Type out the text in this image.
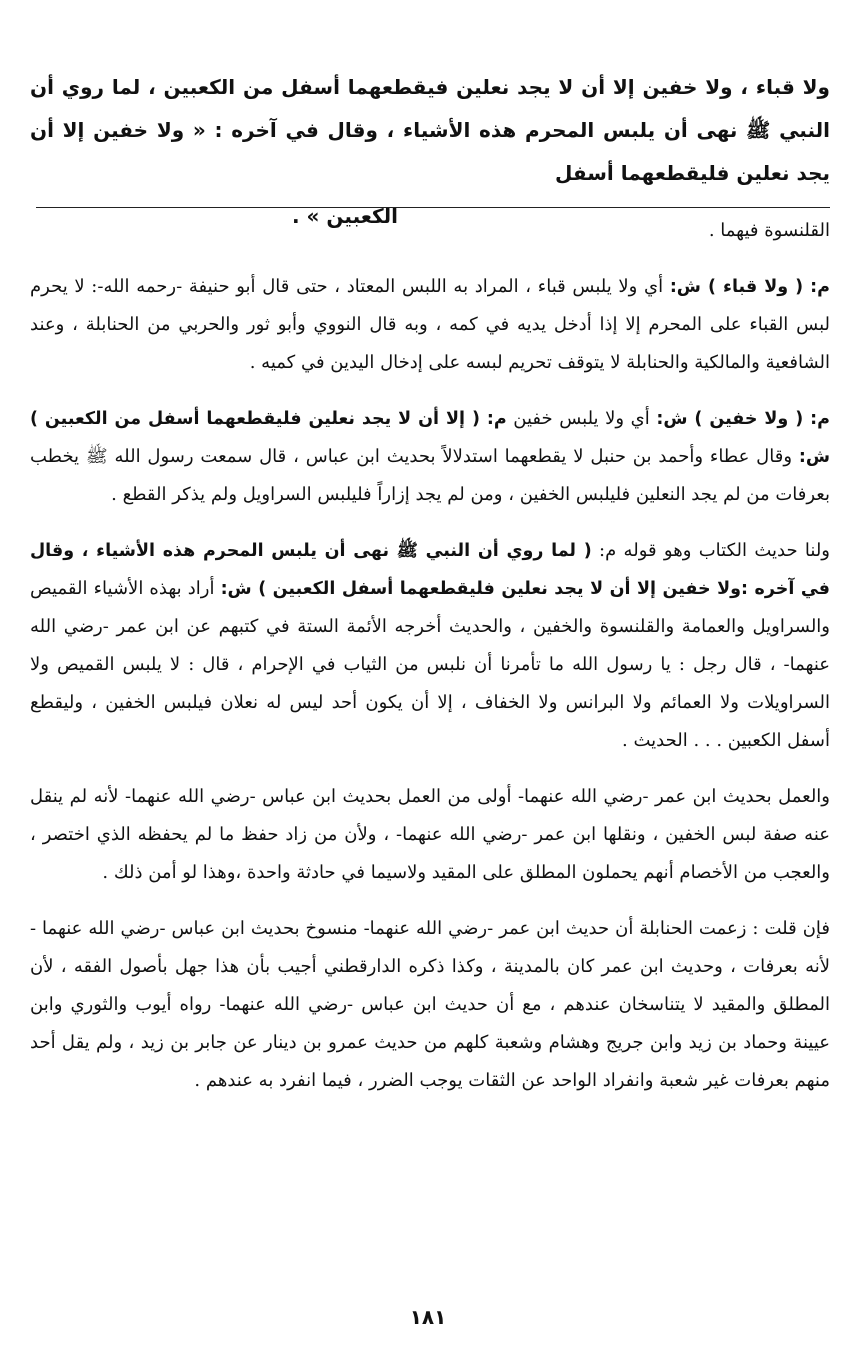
ولا قباء ، ولا خفين إلا أن لا يجد نعلين فيقطعهما أسفل من الكعبين ، لما روي أن النبي ﷺ نهى أن يلبس المحرم هذه الأشياء ، وقال في آخره : « ولا خفين إلا أن يجد نعلين فليقطعهما أسفل
الكعبين » .

القلنسوة فيهما .

م: ( ولا قباء ) ش: أي ولا يلبس قباء ، المراد به اللبس المعتاد ، حتى قال أبو حنيفة -رحمه الله-: لا يحرم لبس القباء على المحرم إلا إذا أدخل يديه في كمه ، وبه قال النووي وأبو ثور والحربي من الحنابلة ، وعند الشافعية والمالكية والحنابلة لا يتوقف تحريم لبسه على إدخال اليدين في كميه .

م: ( ولا خفين ) ش: أي ولا يلبس خفين م: ( إلا أن لا يجد نعلين فليقطعهما أسفل من الكعبين ) ش: وقال عطاء وأحمد بن حنبل لا يقطعهما استدلالاً بحديث ابن عباس ، قال سمعت رسول الله ﷺ يخطب بعرفات من لم يجد النعلين فليلبس الخفين ، ومن لم يجد إزاراً فليلبس السراويل ولم يذكر القطع .

ولنا حديث الكتاب وهو قوله م: ( لما روي أن النبي ﷺ نهى أن يلبس المحرم هذه الأشياء ، وقال في آخره :ولا خفين إلا أن لا يجد نعلين فليقطعهما أسفل الكعبين ) ش: أراد بهذه الأشياء القميص والسراويل والعمامة والقلنسوة والخفين ، والحديث أخرجه الأئمة الستة في كتبهم عن ابن عمر -رضي الله عنهما- ، قال رجل : يا رسول الله ما تأمرنا أن نلبس من الثياب في الإحرام ، قال : لا يلبس القميص ولا السراويلات ولا العمائم ولا البرانس ولا الخفاف ، إلا أن يكون أحد ليس له نعلان فيلبس الخفين ، وليقطع أسفل الكعبين . . . الحديث .

والعمل بحديث ابن عمر -رضي الله عنهما- أولى من العمل بحديث ابن عباس -رضي الله عنهما- لأنه لم ينقل عنه صفة لبس الخفين ، ونقلها ابن عمر -رضي الله عنهما- ، ولأن من زاد حفظ ما لم يحفظه الذي اختصر ، والعجب من الأخصام أنهم يحملون المطلق على المقيد ولاسيما في حادثة واحدة ،وهذا لو أمن ذلك .

فإن قلت : زعمت الحنابلة أن حديث ابن عمر -رضي الله عنهما- منسوخ بحديث ابن عباس -رضي الله عنهما - لأنه بعرفات ، وحديث ابن عمر كان بالمدينة ، وكذا ذكره الدارقطني أجيب بأن هذا جهل بأصول الفقه ، لأن المطلق والمقيد لا يتناسخان عندهم ، مع أن حديث ابن عباس -رضي الله عنهما- رواه أيوب والثوري وابن عيينة وحماد بن زيد وابن جريج وهشام وشعبة كلهم من حديث عمرو بن دينار عن جابر بن زيد ، ولم يقل أحد منهم بعرفات غير شعبة وانفراد الواحد عن الثقات يوجب الضرر ، فيما انفرد به عندهم .

١٨١
